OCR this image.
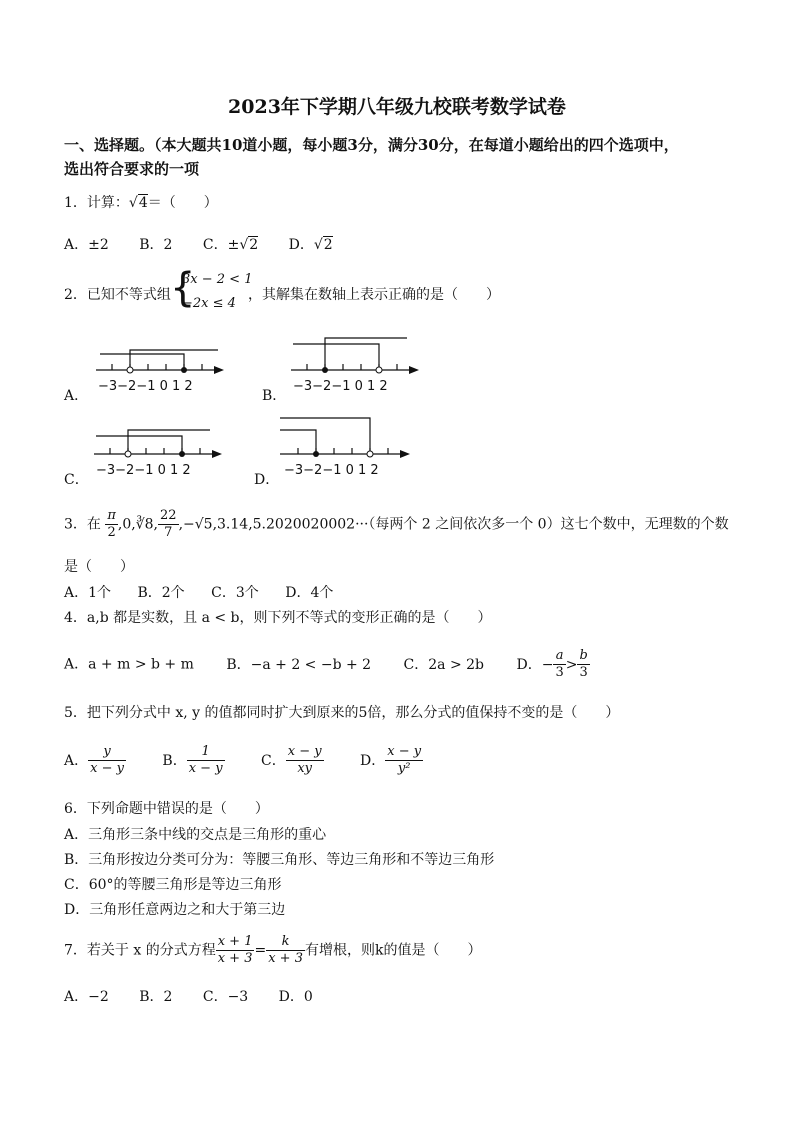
2023年下学期八年级九校联考数学试卷
一、选择题。（本大题共10道小题，每小题3分，满分30分，在每道小题给出的四个选项中，
选出符合要求的一项
1．计算：√4＝（　　）
A．±2 B．2 C．±√2 D．√2
2．已知不等式组 {
3x − 2 < 1
−2x ≤ 4
，其解集在数轴上表示正确的是（　　）
A．
−3−2−1 0 1 2
B．
−3−2−1 0 1 2
C．
−3−2−1 0 1 2
D．
−3−2−1 0 1 2
3．在 $\frac{\pi}{2}$ ,0,∛8, $\frac{22}{7} ,-√5,3.14,5.2020020002\cdot\cdot\cdot$（每两个 2 之间依次多一个 0）这七个数中，无理数的个数
是（　　）
A．1个 B．2个 C．3个 D．4个
4．a,b 都是实数，且 a < b，则下列不等式的变形正确的是（　　）
A．a + m > b + m B．−a + 2 < −b + 2 C．2a > 2b D．− $\frac{a}{3} > \frac{b}{3}$
5．把下列分式中 x, y 的值都同时扩大到原来的5倍，那么分式的值保持不变的是（　　）
A． $\frac{y}{x - y}$	B． $\frac{1}{x - y}$	C． $\frac{x - y}{xy}$	D． $\frac{x - y}{\text{y²}}$
6．下列命题中错误的是（　　）
A．三角形三条中线的交点是三角形的重心
B．三角形按边分类可分为：等腰三角形、等边三角形和不等边三角形
C．60°的等腰三角形是等边三角形
D．三角形任意两边之和大于第三边
7．若关于 x 的分式方程 $\frac{x + 1}{x + 3} = \frac{k}{x + 3}$ 有增根，则k的值是（　　）
A．−2 B．2 C．−3 D．0
